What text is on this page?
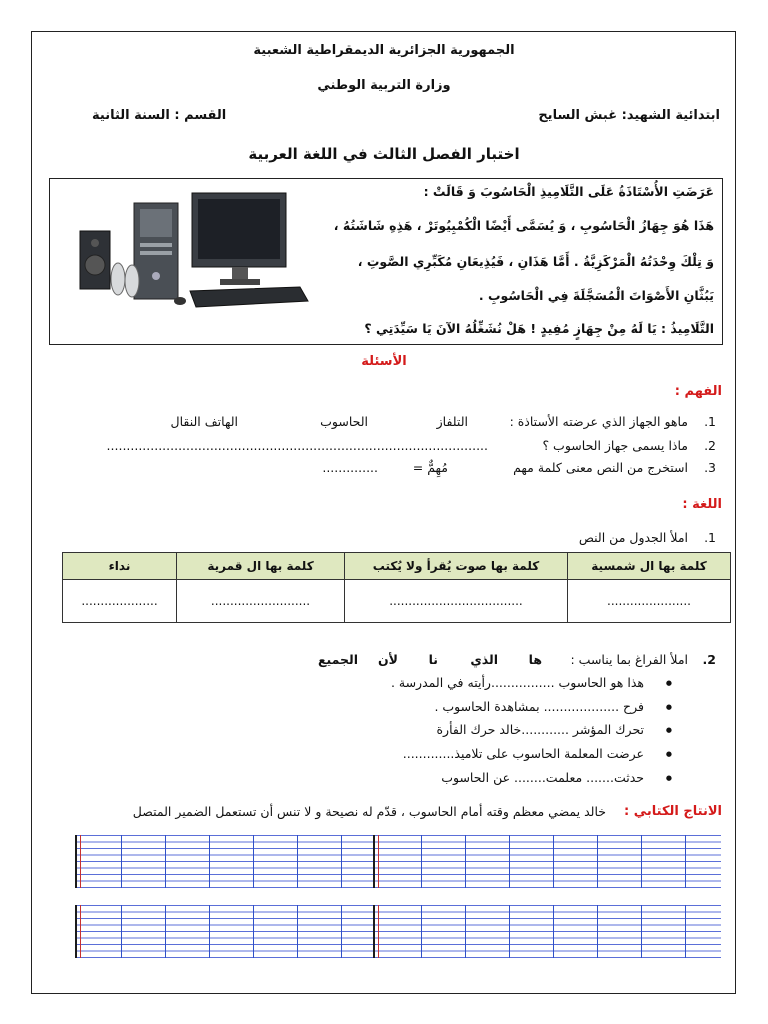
الجمهورية الجزائرية الديمقراطية الشعبية
وزارة التربية الوطني
ابتدائية الشهيد: غبش السايح
القسم : السنة الثانية
اختبار الفصل الثالث في اللغة العربية
عَرَضَتِ الأُسْتَاذَةُ عَلَى التَّلَامِيذِ الْحَاسُوبَ وَ قَالَتْ :
هَذَا هُوَ جِهَازُ الْحَاسُوبِ ، وَ يُسَمَّى أَيْضًا الْكُمْبِيُوتَرْ ، هَذِهِ شَاشَتُهُ ،
وَ تِلْكَ وِحْدَتُهُ الْمَرْكَزِيَّةُ . أَمَّا هَذَانِ ، فَيُذِيعَانِ مُكَبِّرِي الصَّوتِ ،
يَبُثَّانِ الأَصْوَاتَ الْمُسَجَّلَةَ فِي الْحَاسُوبِ .
التَّلَامِيذُ : يَا لَهُ مِنْ جِهَازٍ مُفِيدٍ ! هَلْ نُشَغِّلُهُ الآنَ يَا سَيِّدَتِي ؟
الأسئلة
الفهم :
1.
ماهو الجهاز الذي عرضته الأستاذة :
التلفاز
الحاسوب
الهاتف النقال
2.
ماذا يسمى جهاز الحاسوب ؟
................................................................................................
3.
استخرج من النص معنى كلمة مهم
مُهِمٌّ =
..............
اللغة :
1.
املأ الجدول من النص
كلمة بها ال شمسية	كلمة بها صوت يُقرأ ولا يُكتب	كلمة بها ال قمرية	نداء
......................	...................................	..........................	....................
2.
املأ الفراغ بما يناسب :
ها
الذي
نا
لأن
الجميع
● هذا هو الحاسوب ................رأيته في المدرسة .
● فرح ................... بمشاهدة الحاسوب .
● تحرك المؤشر ............خالد حرك الفأرة
● عرضت المعلمة الحاسوب على تلاميذ.............
● حدثت....... معلمت........ عن الحاسوب
الانتاج الكتابي :
خالد يمضي معظم وقته أمام الحاسوب ، قدّم له نصيحة و لا تنس أن تستعمل الضمير المتصل
